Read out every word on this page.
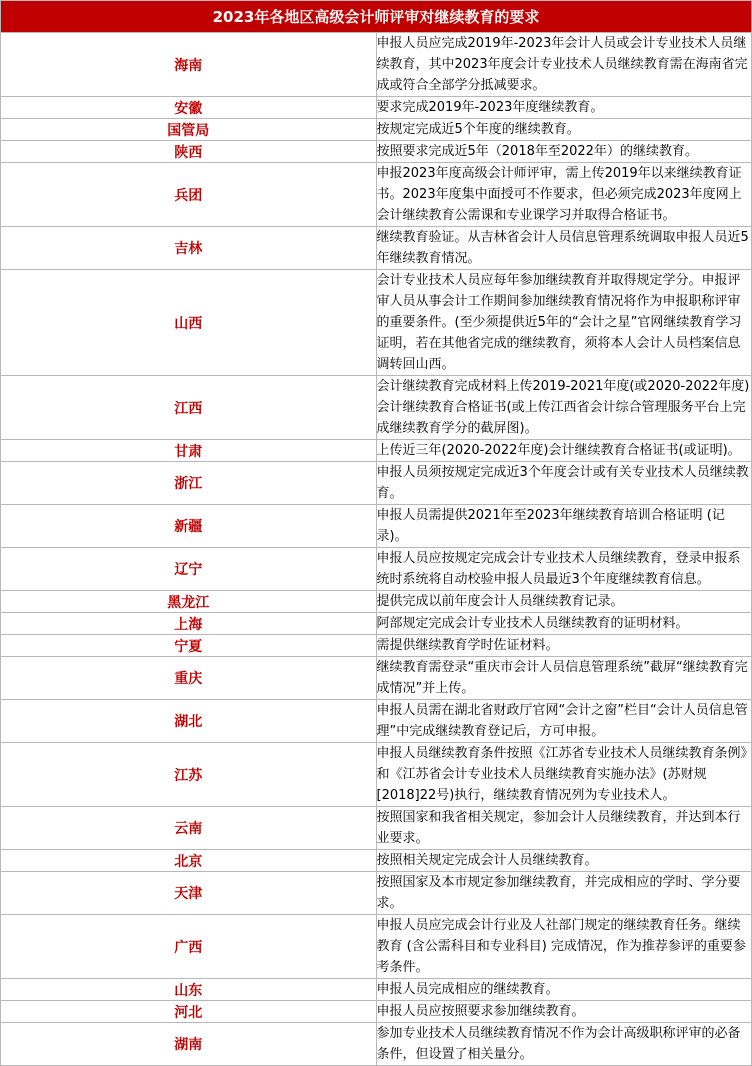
2023年各地区高级会计师评审对继续教育的要求	
海南	申报人员应完成2019年-2023年会计人员或会计专业技术人员继续教育，其中2023年度会计专业技术人员继续教育需在海南省完成或符合全部学分抵减要求。
安徽	要求完成2019年-2023年度继续教育。
国管局	按规定完成近5个年度的继续教育。
陕西	按照要求完成近5年（2018年至2022年）的继续教育。
兵团	申报2023年度高级会计师评审，需上传2019年以来继续教育证书。2023年度集中面授可不作要求，但必须完成2023年度网上会计继续教育公需课和专业课学习并取得合格证书。
吉林	继续教育验证。从吉林省会计人员信息管理系统调取申报人员近5年继续教育情况。
山西	会计专业技术人员应每年参加继续教育并取得规定学分。申报评审人员从事会计工作期间参加继续教育情况将作为申报职称评审的重要条件。(至少须提供近5年的“会计之星”官网继续教育学习证明，若在其他省完成的继续教育，须将本人会计人员档案信息调转回山西。
江西	会计继续教育完成材料上传2019-2021年度(或2020-2022年度)会计继续教育合格证书(或上传江西省会计综合管理服务平台上完成继续教育学分的截屏图)。
甘肃	上传近三年(2020-2022年度)会计继续教育合格证书(或证明)。
浙江	申报人员须按规定完成近3个年度会计或有关专业技术人员继续教育。
新疆	申报人员需提供2021年至2023年继续教育培训合格证明 (记录)。
辽宁	申报人员应按规定完成会计专业技术人员继续教育，登录申报系统时系统将自动校验申报人员最近3个年度继续教育信息。
黑龙江	提供完成以前年度会计人员继续教育记录。
上海	阿部规定完成会计专业技术人员继续教育的证明材料。
宁夏	需提供继续教育学时佐证材料。
重庆	继续教育需登录“重庆市会计人员信息管理系统”截屏“继续教育完成情况”并上传。
湖北	申报人员需在湖北省财政厅官网“会计之窗”栏目“会计人员信息管理”中完成继续教育登记后，方可申报。
江苏	申报人员继续教育条件按照《江苏省专业技术人员继续教育条例》和《江苏省会计专业技术人员继续教育实施办法》(苏财规[2018]22号)执行，继续教育情况列为专业技术人。
云南	按照国家和我省相关规定，参加会计人员继续教育，并达到本行业要求。
北京	按照相关规定完成会计人员继续教育。
天津	按照国家及本市规定参加继续教育，并完成相应的学时、学分要求。
广西	申报人员应完成会计行业及人社部门规定的继续教育任务。继续教育 (含公需科目和专业科目) 完成情况，作为推荐参评的重要参考条件。
山东	申报人员完成相应的继续教育。
河北	申报人员应按照要求参加继续教育。
湖南	参加专业技术人员继续教育情况不作为会计高级职称评审的必备条件，但设置了相关量分。
